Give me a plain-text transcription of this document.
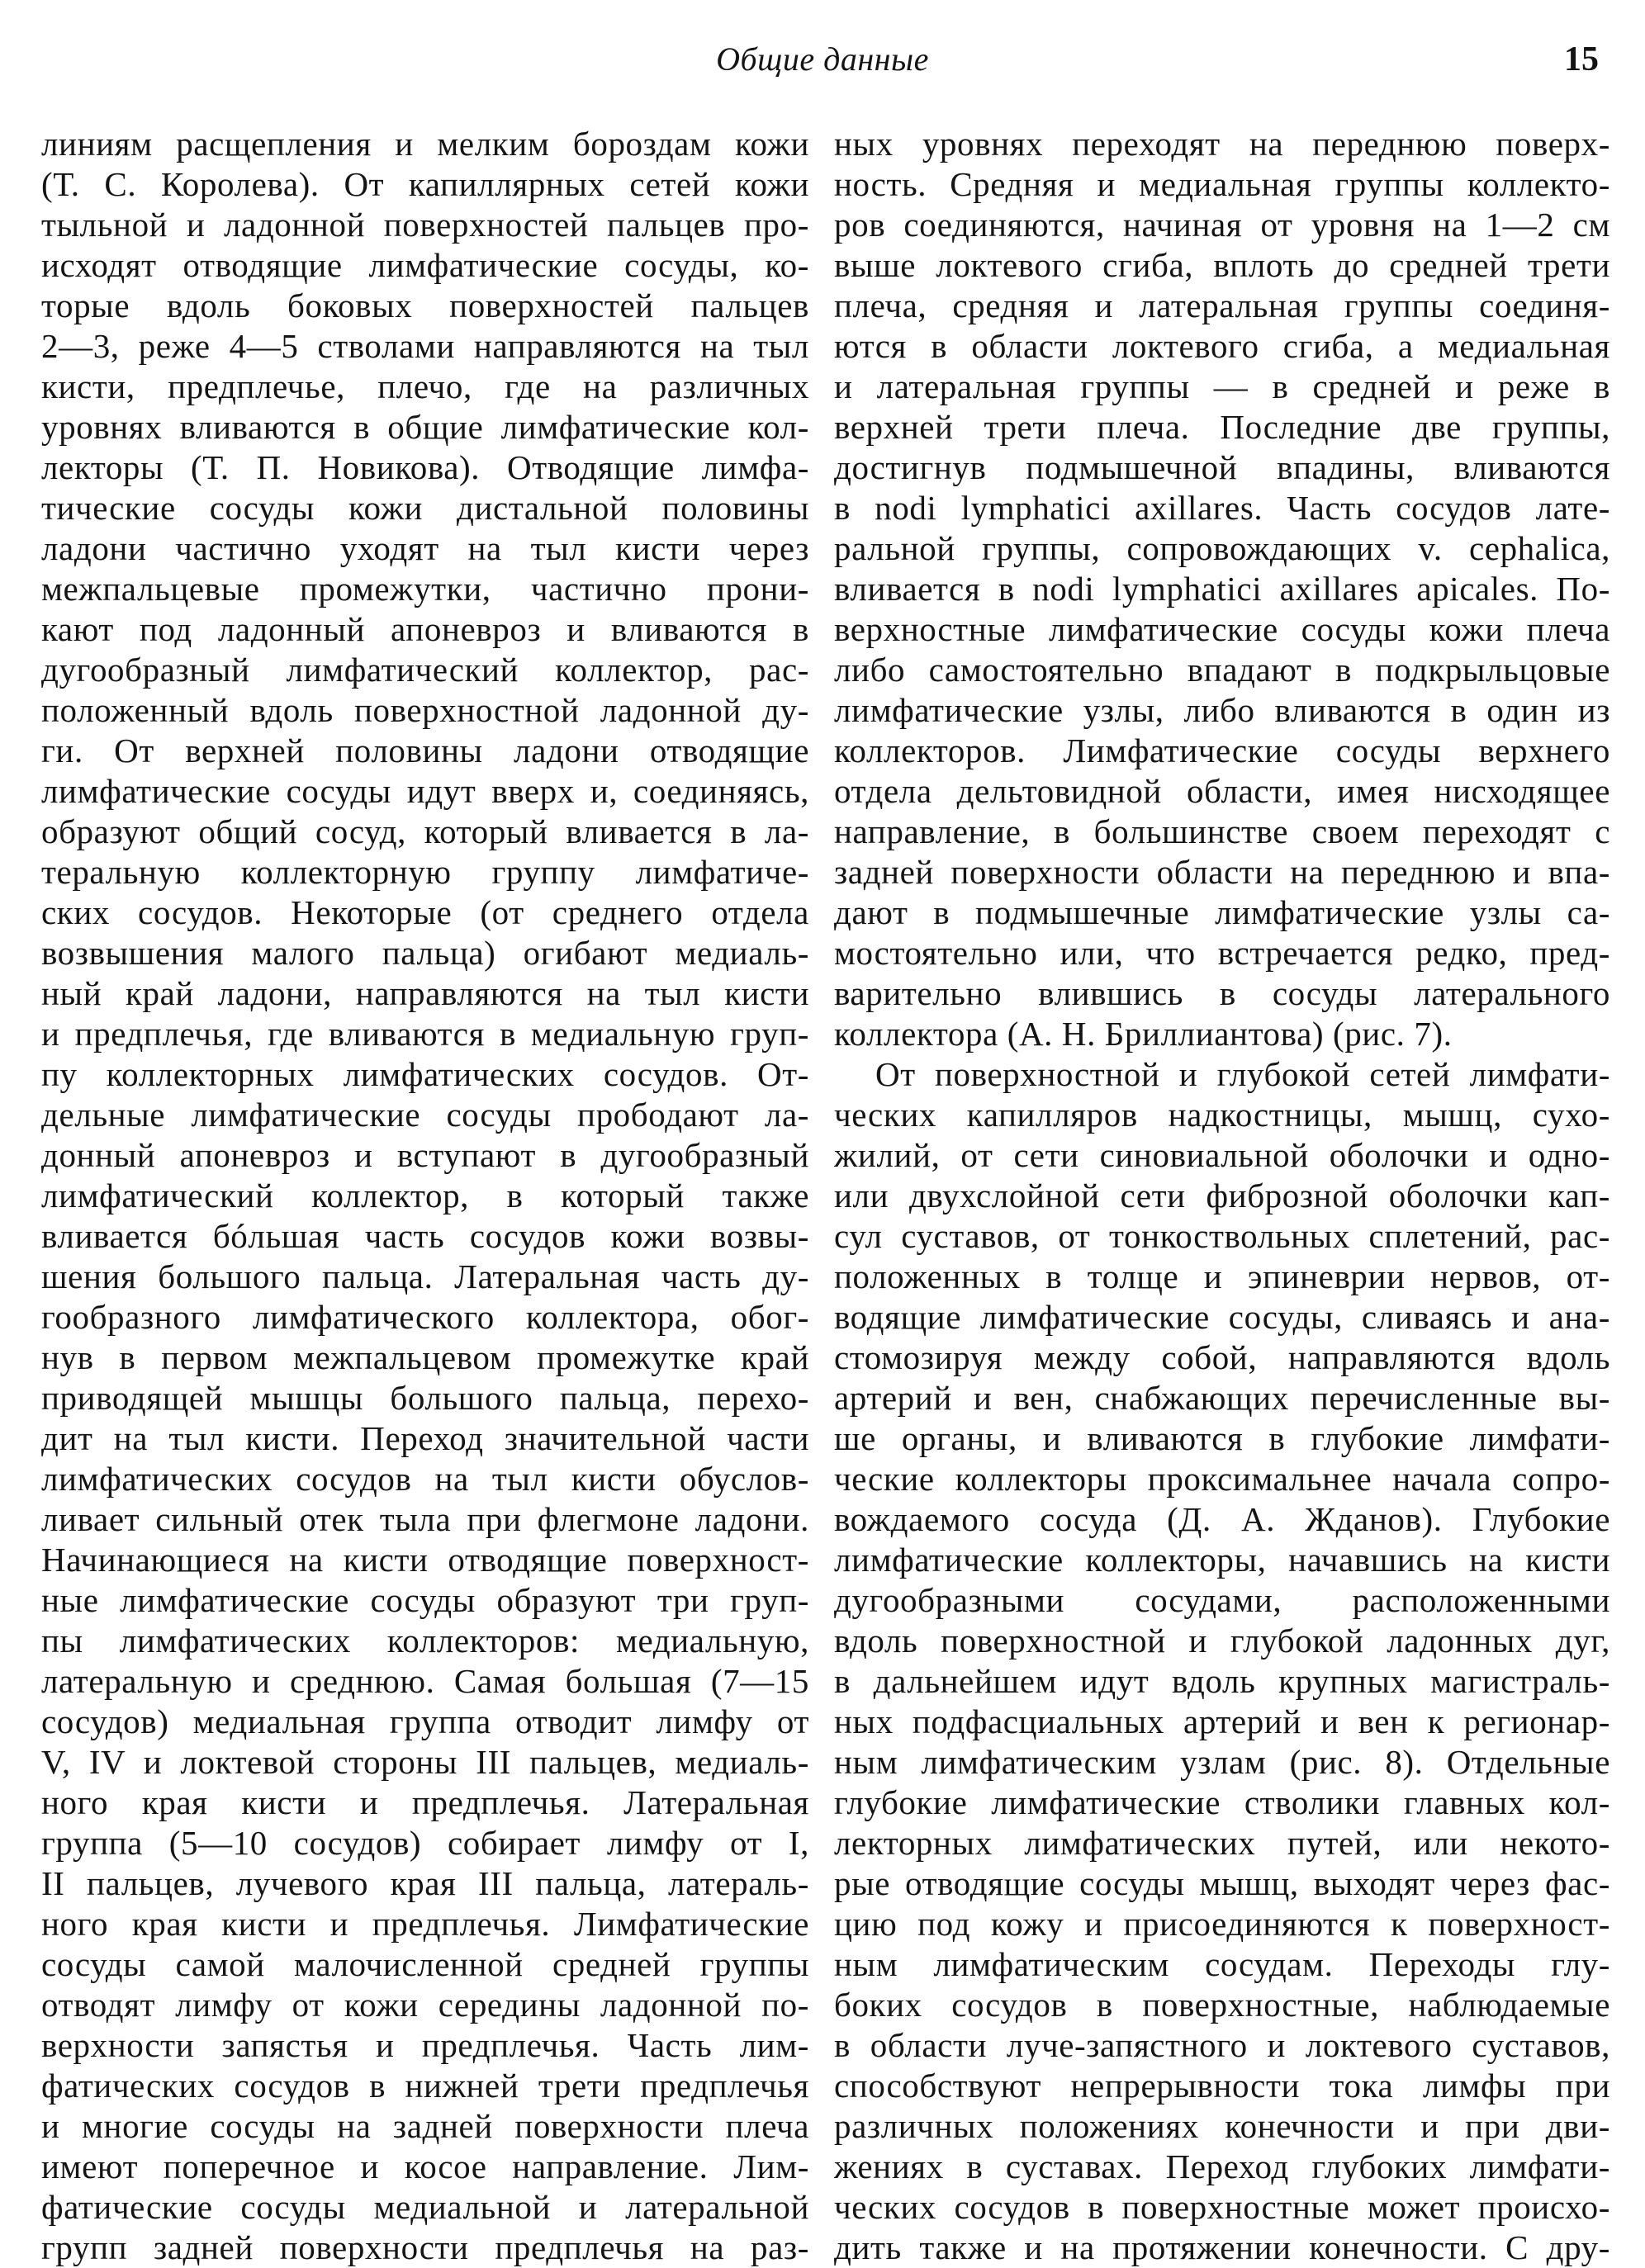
Общие данные	15
линиям расщепления и мелким бороздам кожи
(Т. С. Королева). От капиллярных сетей кожи
тыльной и ладонной поверхностей пальцев про-
исходят отводящие лимфатические сосуды, ко-
торые вдоль боковых поверхностей пальцев
2—3, реже 4—5 стволами направляются на тыл
кисти, предплечье, плечо, где на различных
уровнях вливаются в общие лимфатические кол-
лекторы (Т. П. Новикова). Отводящие лимфа-
тические сосуды кожи дистальной половины
ладони частично уходят на тыл кисти через
межпальцевые промежутки, частично прони-
кают под ладонный апоневроз и вливаются в
дугообразный лимфатический коллектор, рас-
положенный вдоль поверхностной ладонной ду-
ги. От верхней половины ладони отводящие
лимфатические сосуды идут вверх и, соединяясь,
образуют общий сосуд, который вливается в ла-
теральную коллекторную группу лимфатиче-
ских сосудов. Некоторые (от среднего отдела
возвышения малого пальца) огибают медиаль-
ный край ладони, направляются на тыл кисти
и предплечья, где вливаются в медиальную груп-
пу коллекторных лимфатических сосудов. От-
дельные лимфатические сосуды прободают ла-
донный апоневроз и вступают в дугообразный
лимфатический коллектор, в который также
вливается бóльшая часть сосудов кожи возвы-
шения большого пальца. Латеральная часть ду-
гообразного лимфатического коллектора, обог-
нув в первом межпальцевом промежутке край
приводящей мышцы большого пальца, перехо-
дит на тыл кисти. Переход значительной части
лимфатических сосудов на тыл кисти обуслов-
ливает сильный отек тыла при флегмоне ладони.
Начинающиеся на кисти отводящие поверхност-
ные лимфатические сосуды образуют три груп-
пы лимфатических коллекторов: медиальную,
латеральную и среднюю. Самая большая (7—15
сосудов) медиальная группа отводит лимфу от
V, IV и локтевой стороны III пальцев, медиаль-
ного края кисти и предплечья. Латеральная
группа (5—10 сосудов) собирает лимфу от I,
II пальцев, лучевого края III пальца, латераль-
ного края кисти и предплечья. Лимфатические
сосуды самой малочисленной средней группы
отводят лимфу от кожи середины ладонной по-
верхности запястья и предплечья. Часть лим-
фатических сосудов в нижней трети предплечья
и многие сосуды на задней поверхности плеча
имеют поперечное и косое направление. Лим-
фатические сосуды медиальной и латеральной
групп задней поверхности предплечья на раз-
ных уровнях переходят на переднюю поверх-
ность. Средняя и медиальная группы коллекто-
ров соединяются, начиная от уровня на 1—2 см
выше локтевого сгиба, вплоть до средней трети
плеча, средняя и латеральная группы соединя-
ются в области локтевого сгиба, а медиальная
и латеральная группы — в средней и реже в
верхней трети плеча. Последние две группы,
достигнув подмышечной впадины, вливаются
в nodi lymphatici axillares. Часть сосудов лате-
ральной группы, сопровождающих v. cephalica,
вливается в nodi lymphatici axillares apicales. По-
верхностные лимфатические сосуды кожи плеча
либо самостоятельно впадают в подкрыльцовые
лимфатические узлы, либо вливаются в один из
коллекторов. Лимфатические сосуды верхнего
отдела дельтовидной области, имея нисходящее
направление, в большинстве своем переходят с
задней поверхности области на переднюю и впа-
дают в подмышечные лимфатические узлы са-
мостоятельно или, что встречается редко, пред-
варительно влившись в сосуды латерального
коллектора (А. Н. Бриллиантова) (рис. 7).
От поверхностной и глубокой сетей лимфати-
ческих капилляров надкостницы, мышц, сухо-
жилий, от сети синовиальной оболочки и одно-
или двухслойной сети фиброзной оболочки кап-
сул суставов, от тонкоствольных сплетений, рас-
положенных в толще и эпиневрии нервов, от-
водящие лимфатические сосуды, сливаясь и ана-
стомозируя между собой, направляются вдоль
артерий и вен, снабжающих перечисленные вы-
ше органы, и вливаются в глубокие лимфати-
ческие коллекторы проксимальнее начала сопро-
вождаемого сосуда (Д. А. Жданов). Глубокие
лимфатические коллекторы, начавшись на кисти
дугообразными сосудами, расположенными
вдоль поверхностной и глубокой ладонных дуг,
в дальнейшем идут вдоль крупных магистраль-
ных подфасциальных артерий и вен к регионар-
ным лимфатическим узлам (рис. 8). Отдельные
глубокие лимфатические стволики главных кол-
лекторных лимфатических путей, или некото-
рые отводящие сосуды мышц, выходят через фас-
цию под кожу и присоединяются к поверхност-
ным лимфатическим сосудам. Переходы глу-
боких сосудов в поверхностные, наблюдаемые
в области луче-запястного и локтевого суставов,
способствуют непрерывности тока лимфы при
различных положениях конечности и при дви-
жениях в суставах. Переход глубоких лимфати-
ческих сосудов в поверхностные может происхо-
дить также и на протяжении конечности. С дру-
